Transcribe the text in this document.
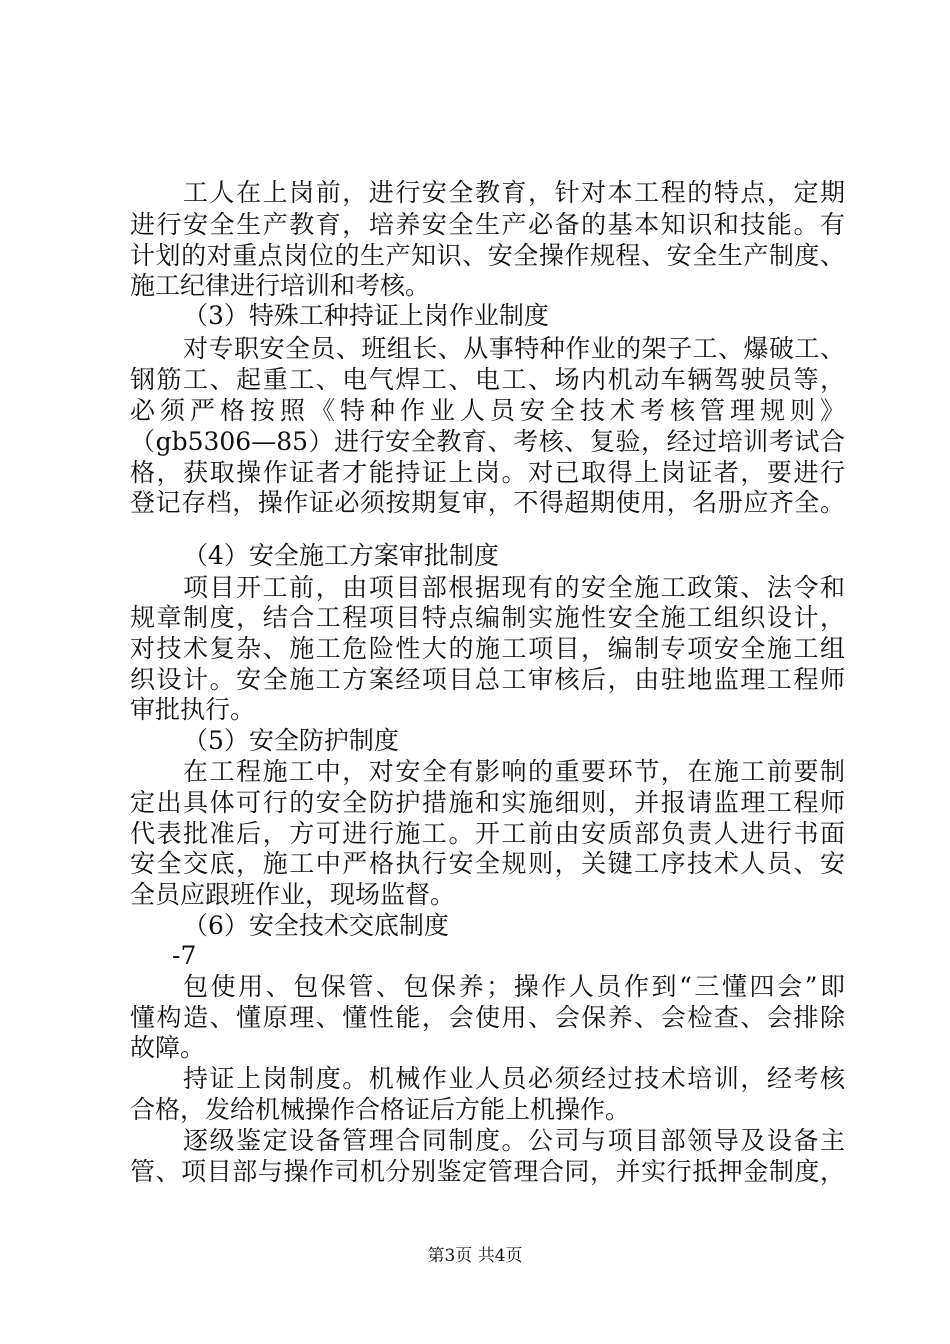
工人在上岗前，进行安全教育，针对本工程的特点，定期
进行安全生产教育，培养安全生产必备的基本知识和技能。有
计划的对重点岗位的生产知识、安全操作规程、安全生产制度、
施工纪律进行培训和考核。
（3）特殊工种持证上岗作业制度
对专职安全员、班组长、从事特种作业的架子工、爆破工、
钢筋工、起重工、电气焊工、电工、场内机动车辆驾驶员等，
必须严格按照《特种作业人员安全技术考核管理规则》
（gb5306—85）进行安全教育、考核、复验，经过培训考试合
格，获取操作证者才能持证上岗。对已取得上岗证者，要进行
登记存档，操作证必须按期复审，不得超期使用，名册应齐全。
（4）安全施工方案审批制度
项目开工前，由项目部根据现有的安全施工政策、法令和
规章制度，结合工程项目特点编制实施性安全施工组织设计，
对技术复杂、施工危险性大的施工项目，编制专项安全施工组
织设计。安全施工方案经项目总工审核后，由驻地监理工程师
审批执行。
（5）安全防护制度
在工程施工中，对安全有影响的重要环节，在施工前要制
定出具体可行的安全防护措施和实施细则，并报请监理工程师
代表批准后，方可进行施工。开工前由安质部负责人进行书面
安全交底，施工中严格执行安全规则，关键工序技术人员、安
全员应跟班作业，现场监督。
（6）安全技术交底制度
-7
包使用、包保管、包保养；操作人员作到“三懂四会”即
懂构造、懂原理、懂性能，会使用、会保养、会检查、会排除
故障。
持证上岗制度。机械作业人员必须经过技术培训，经考核
合格，发给机械操作合格证后方能上机操作。
逐级鉴定设备管理合同制度。公司与项目部领导及设备主
管、项目部与操作司机分别鉴定管理合同，并实行抵押金制度，
第3页 共4页
